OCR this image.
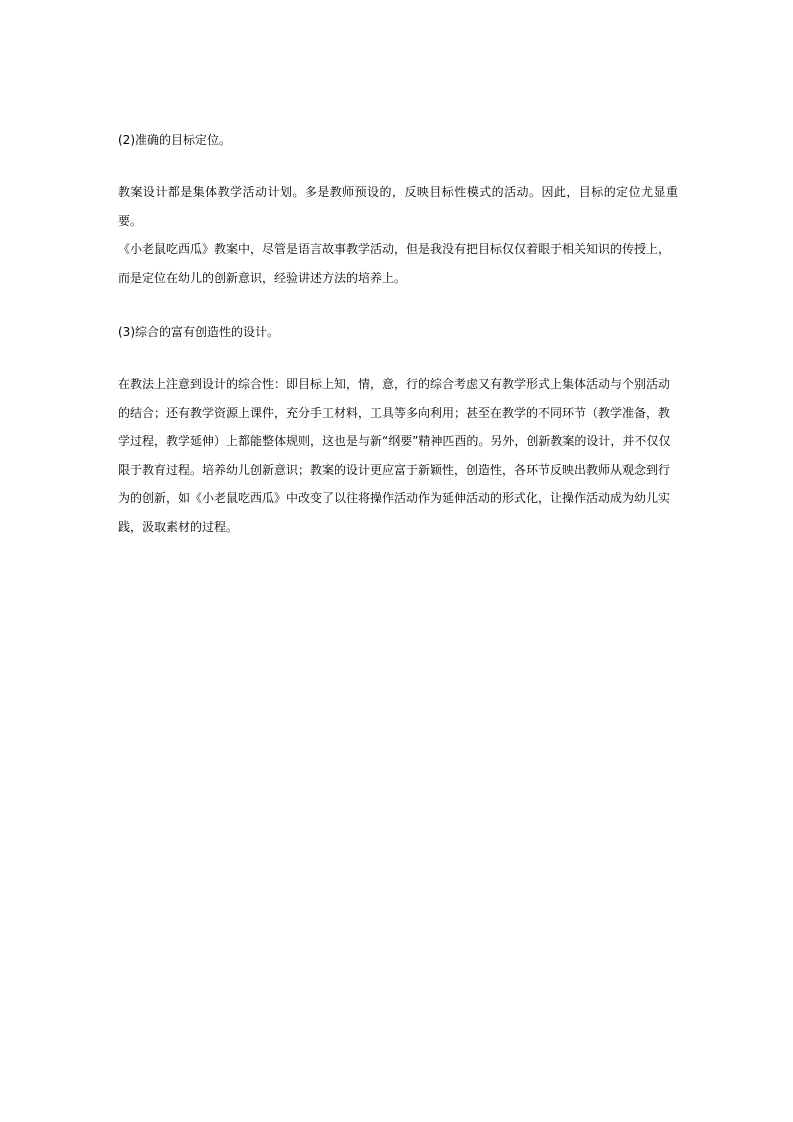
(2)准确的目标定位。

教案设计都是集体教学活动计划。多是教师预设的，反映目标性模式的活动。因此，目标的定位尤显重要。

《小老鼠吃西瓜》教案中，尽管是语言故事教学活动，但是我没有把目标仅仅着眼于相关知识的传授上，

而是定位在幼儿的创新意识，经验讲述方法的培养上。

(3)综合的富有创造性的设计。

在教法上注意到设计的综合性：即目标上知，情，意，行的综合考虑又有教学形式上集体活动与个别活动

的结合；还有教学资源上课件，充分手工材料，工具等多向利用；甚至在教学的不同环节（教学准备，教

学过程，教学延伸）上都能整体规则，这也是与新“纲要”精神匹酉的。另外，创新教案的设计，并不仅仅

限于教育过程。培养幼儿创新意识；教案的设计更应富于新颖性，创造性，各环节反映出教师从观念到行

为的创新，如《小老鼠吃西瓜》中改变了以往将操作活动作为延伸活动的形式化，让操作活动成为幼儿实

践，汲取素材的过程。
